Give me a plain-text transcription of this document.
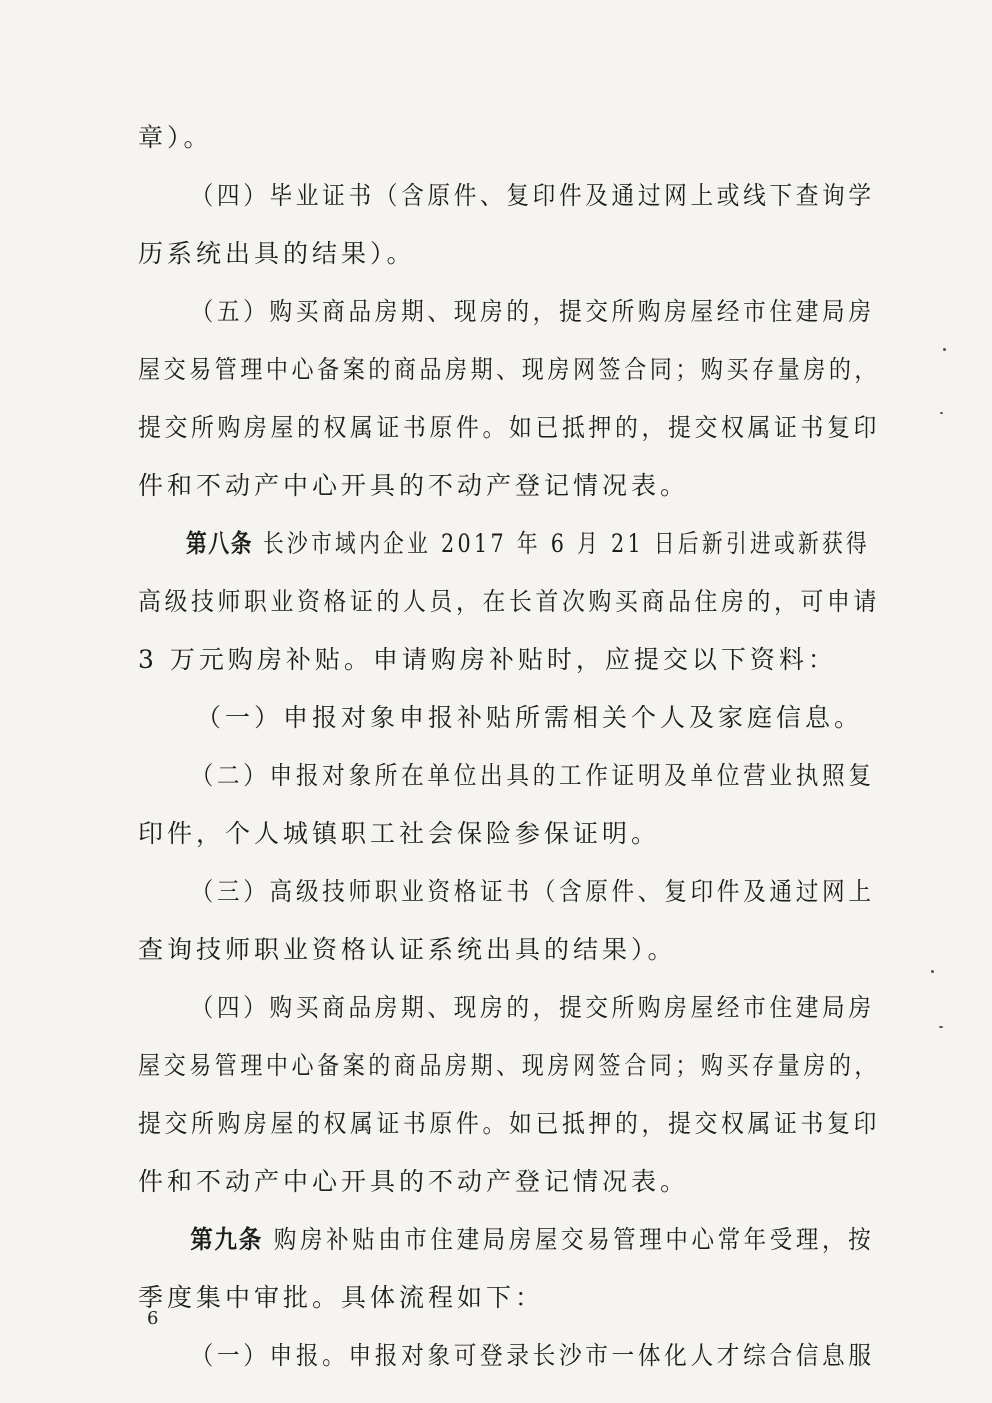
章）。
（四）毕业证书（含原件、复印件及通过网上或线下查询学
历系统出具的结果）。
（五）购买商品房期、现房的，提交所购房屋经市住建局房
屋交易管理中心备案的商品房期、现房网签合同；购买存量房的，
提交所购房屋的权属证书原件。如已抵押的，提交权属证书复印
件和不动产中心开具的不动产登记情况表。
第八条 长沙市域内企业 2017 年 6 月 21 日后新引进或新获得
高级技师职业资格证的人员，在长首次购买商品住房的，可申请
3 万元购房补贴。申请购房补贴时，应提交以下资料：
（一）申报对象申报补贴所需相关个人及家庭信息。
（二）申报对象所在单位出具的工作证明及单位营业执照复
印件，个人城镇职工社会保险参保证明。
（三）高级技师职业资格证书（含原件、复印件及通过网上
查询技师职业资格认证系统出具的结果）。
（四）购买商品房期、现房的，提交所购房屋经市住建局房
屋交易管理中心备案的商品房期、现房网签合同；购买存量房的，
提交所购房屋的权属证书原件。如已抵押的，提交权属证书复印
件和不动产中心开具的不动产登记情况表。
第九条 购房补贴由市住建局房屋交易管理中心常年受理，按
季度集中审批。具体流程如下：
（一）申报。申报对象可登录长沙市一体化人才综合信息服
6
